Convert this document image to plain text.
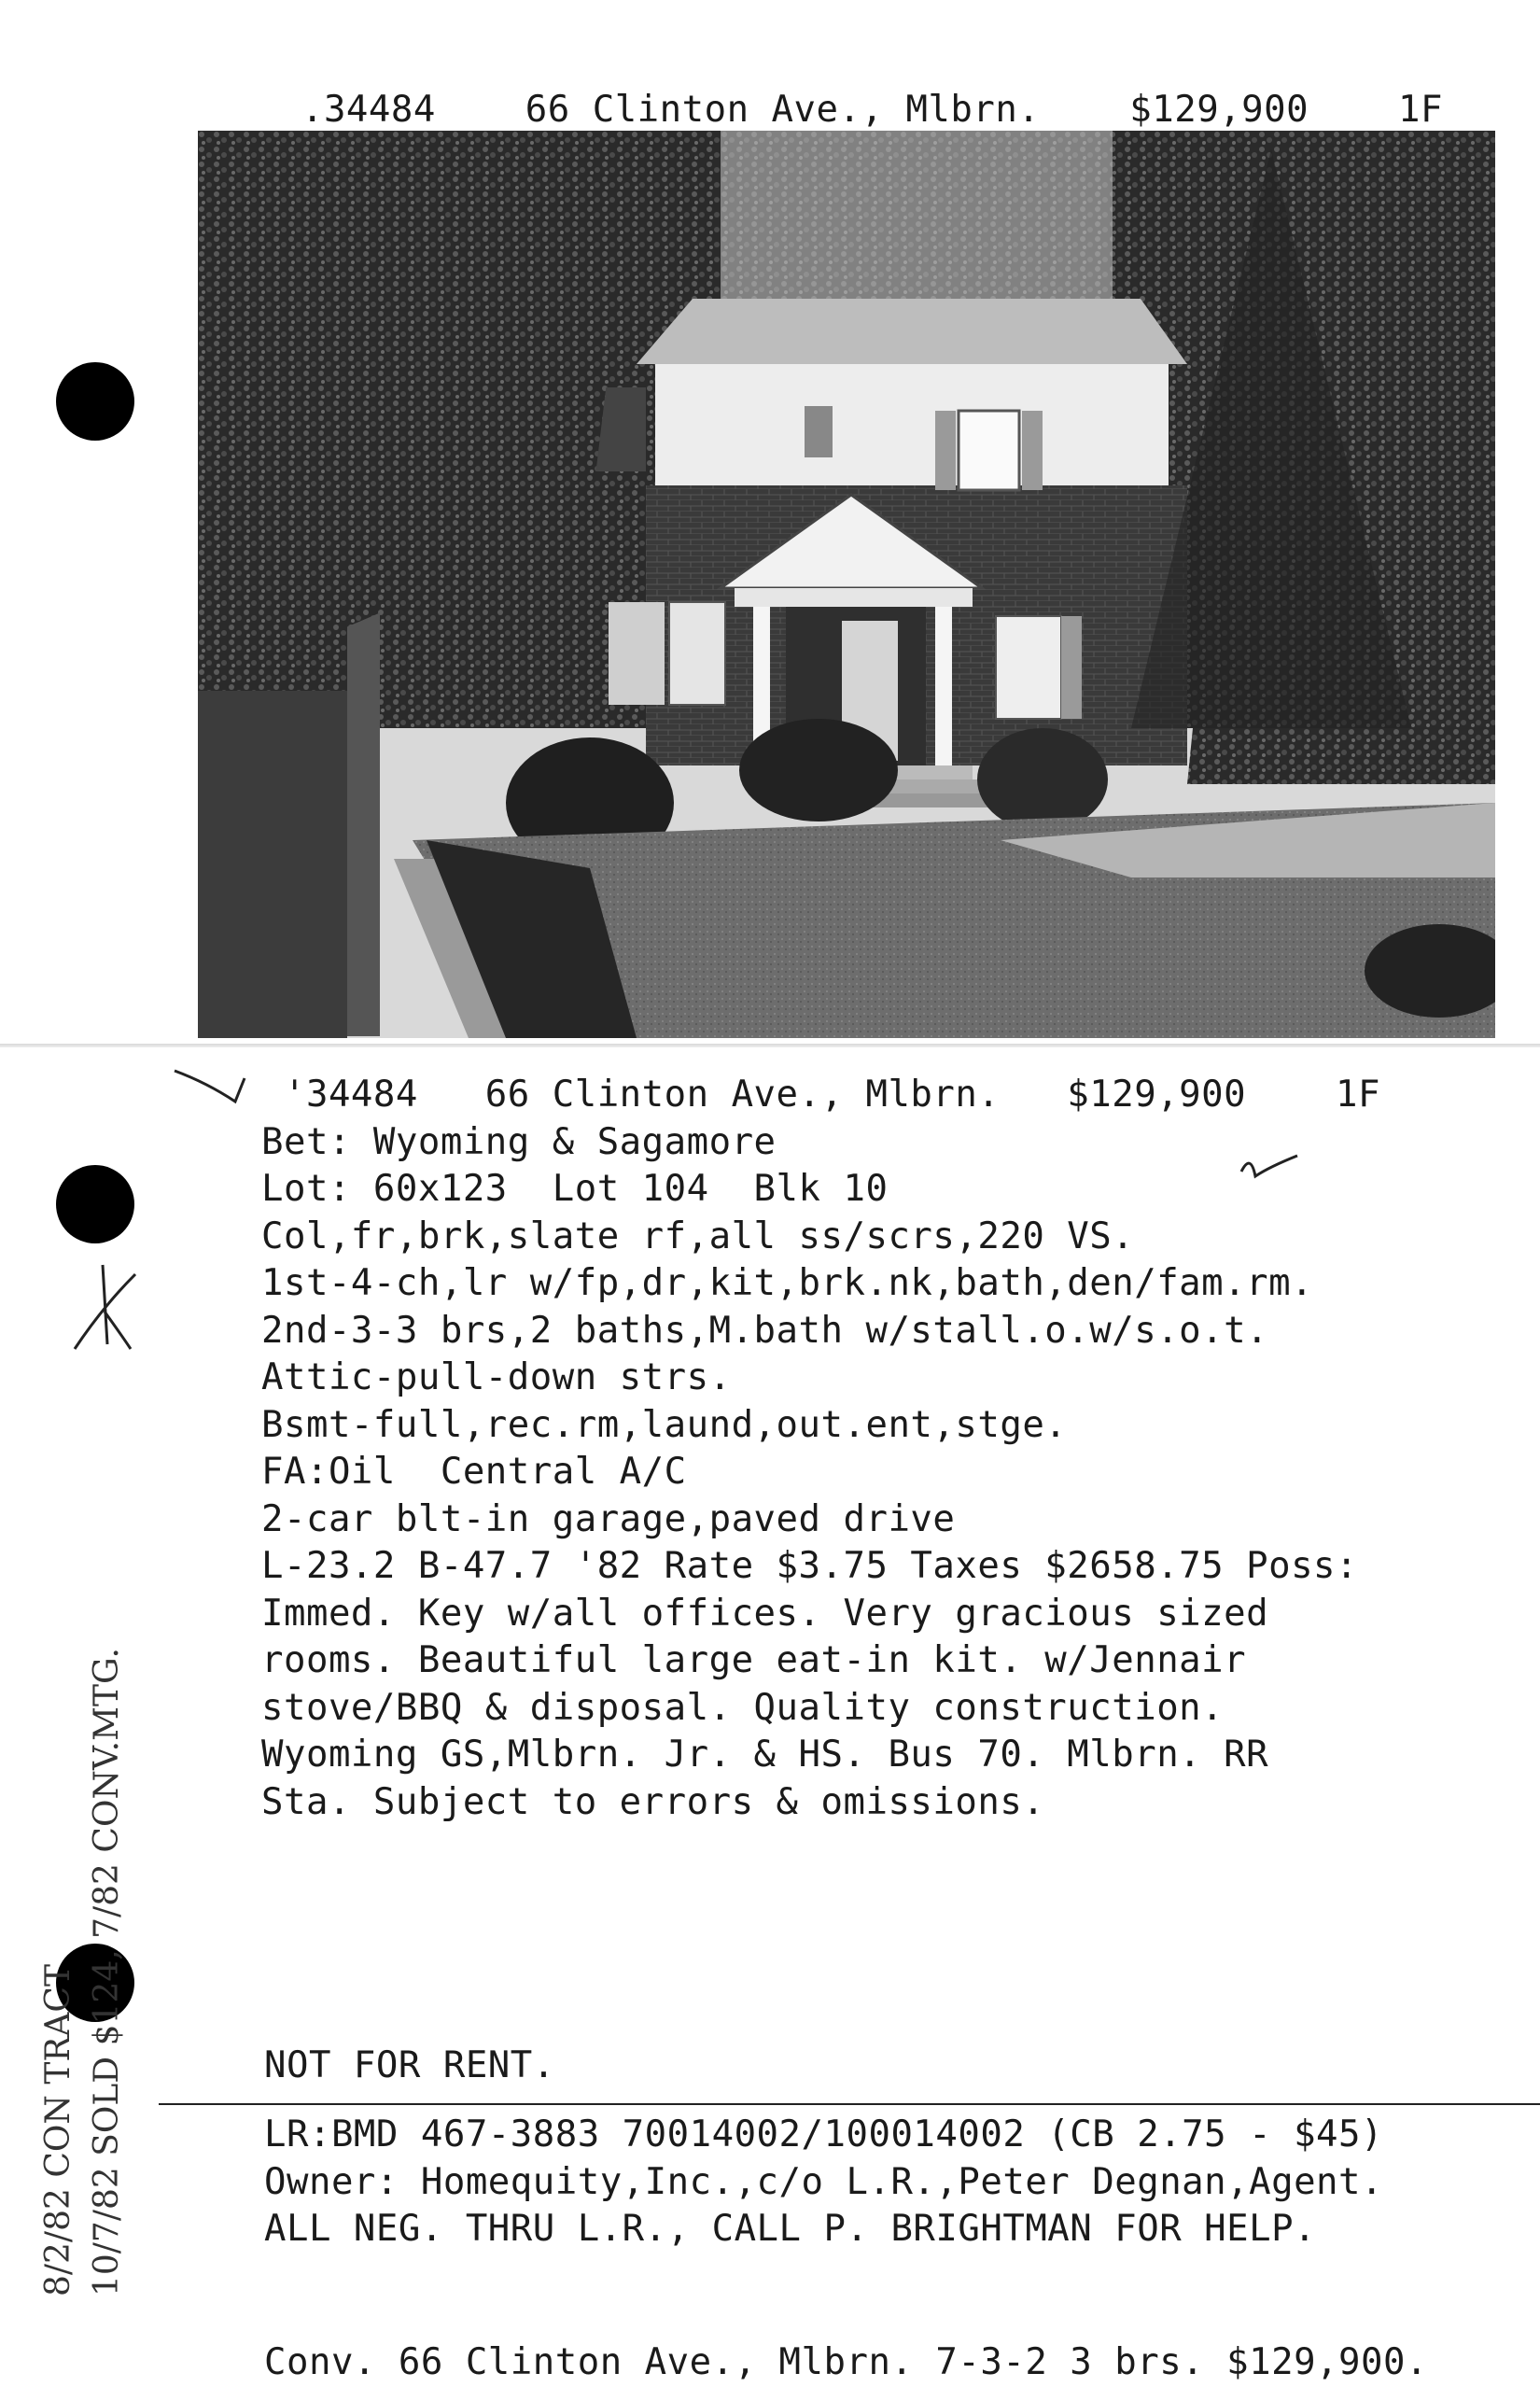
.34484 66 Clinton Ave., Mlbrn. $129,900 1F

 '34484   66 Clinton Ave., Mlbrn.   $129,900    1F
Bet: Wyoming & Sagamore
Lot: 60x123  Lot 104  Blk 10
Col,fr,brk,slate rf,all ss/scrs,220 VS.
1st-4-ch,lr w/fp,dr,kit,brk.nk,bath,den/fam.rm.
2nd-3-3 brs,2 baths,M.bath w/stall.o.w/s.o.t.
Attic-pull-down strs.
Bsmt-full,rec.rm,laund,out.ent,stge.
FA:Oil  Central A/C
2-car blt-in garage,paved drive
L-23.2 B-47.7 '82 Rate $3.75 Taxes $2658.75 Poss:
Immed. Key w/all offices. Very gracious sized
rooms. Beautiful large eat-in kit. w/Jennair
stove/BBQ & disposal. Quality construction.
Wyoming GS,Mlbrn. Jr. & HS. Bus 70. Mlbrn. RR
Sta. Subject to errors & omissions.
NOT FOR RENT.
LR:BMD 467-3883 70014002/100014002 (CB 2.75 - $45)
Owner: Homequity,Inc.,c/o L.R.,Peter Degnan,Agent.
ALL NEG. THRU L.R., CALL P. BRIGHTMAN FOR HELP.
8/2/82 CON TRACT 10/7/82 SOLD $124, 7/82 CONV.MTG.
Conv. 66 Clinton Ave., Mlbrn. 7-3-2 3 brs. $129,900.
